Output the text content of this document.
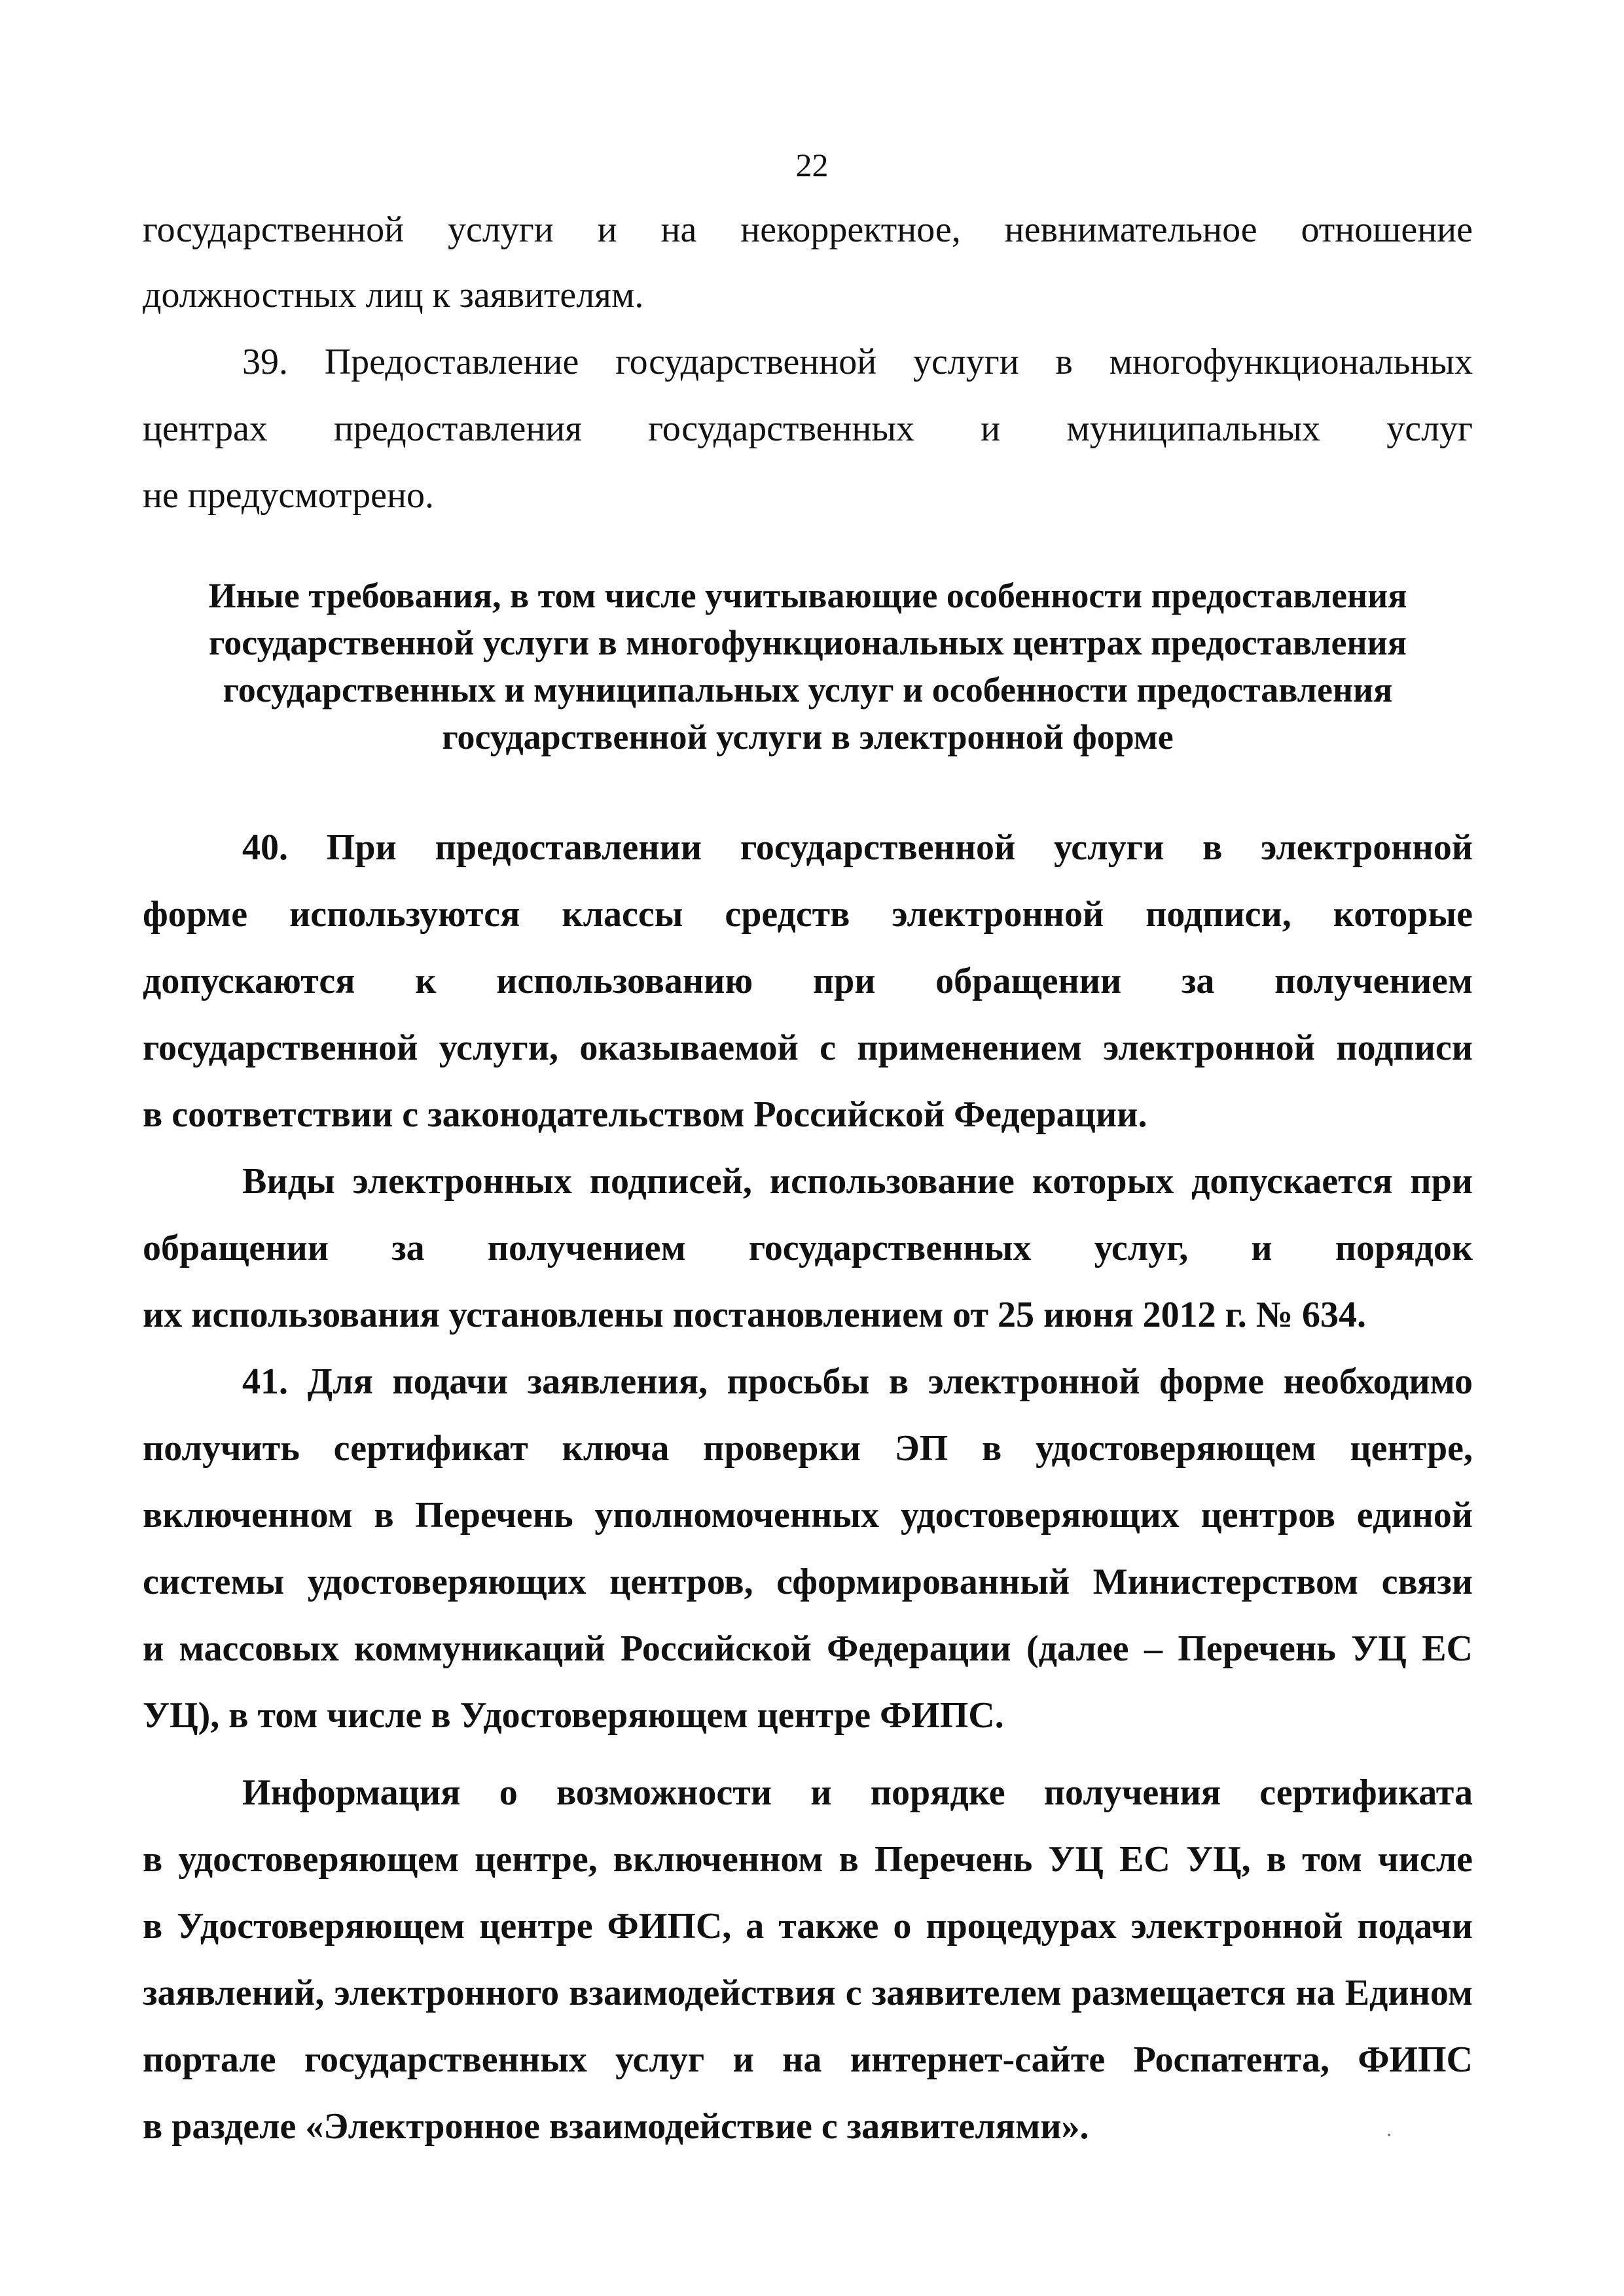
22
государственной услуги и на некорректное, невнимательное отношение
должностных лиц к заявителям.
39. Предоставление государственной услуги в многофункциональных
центрах предоставления государственных и муниципальных услуг
не предусмотрено.
Иные требования, в том числе учитывающие особенности предоставления
государственной услуги в многофункциональных центрах предоставления
государственных и муниципальных услуг и особенности предоставления
государственной услуги в электронной форме
40. При предоставлении государственной услуги в электронной
форме используются классы средств электронной подписи, которые
допускаются к использованию при обращении за получением
государственной услуги, оказываемой с применением электронной подписи
в соответствии с законодательством Российской Федерации.
Виды электронных подписей, использование которых допускается при
обращении за получением государственных услуг, и порядок
их использования установлены постановлением от 25 июня 2012 г. № 634.
41. Для подачи заявления, просьбы в электронной форме необходимо
получить сертификат ключа проверки ЭП в удостоверяющем центре,
включенном в Перечень уполномоченных удостоверяющих центров единой
системы удостоверяющих центров, сформированный Министерством связи
и массовых коммуникаций Российской Федерации (далее – Перечень УЦ ЕС
УЦ), в том числе в Удостоверяющем центре ФИПС.
Информация о возможности и порядке получения сертификата
в удостоверяющем центре, включенном в Перечень УЦ ЕС УЦ, в том числе
в Удостоверяющем центре ФИПС, а также о процедурах электронной подачи
заявлений, электронного взаимодействия с заявителем размещается на Едином
портале государственных услуг и на интернет-сайте Роспатента, ФИПС
в разделе «Электронное взаимодействие с заявителями».
